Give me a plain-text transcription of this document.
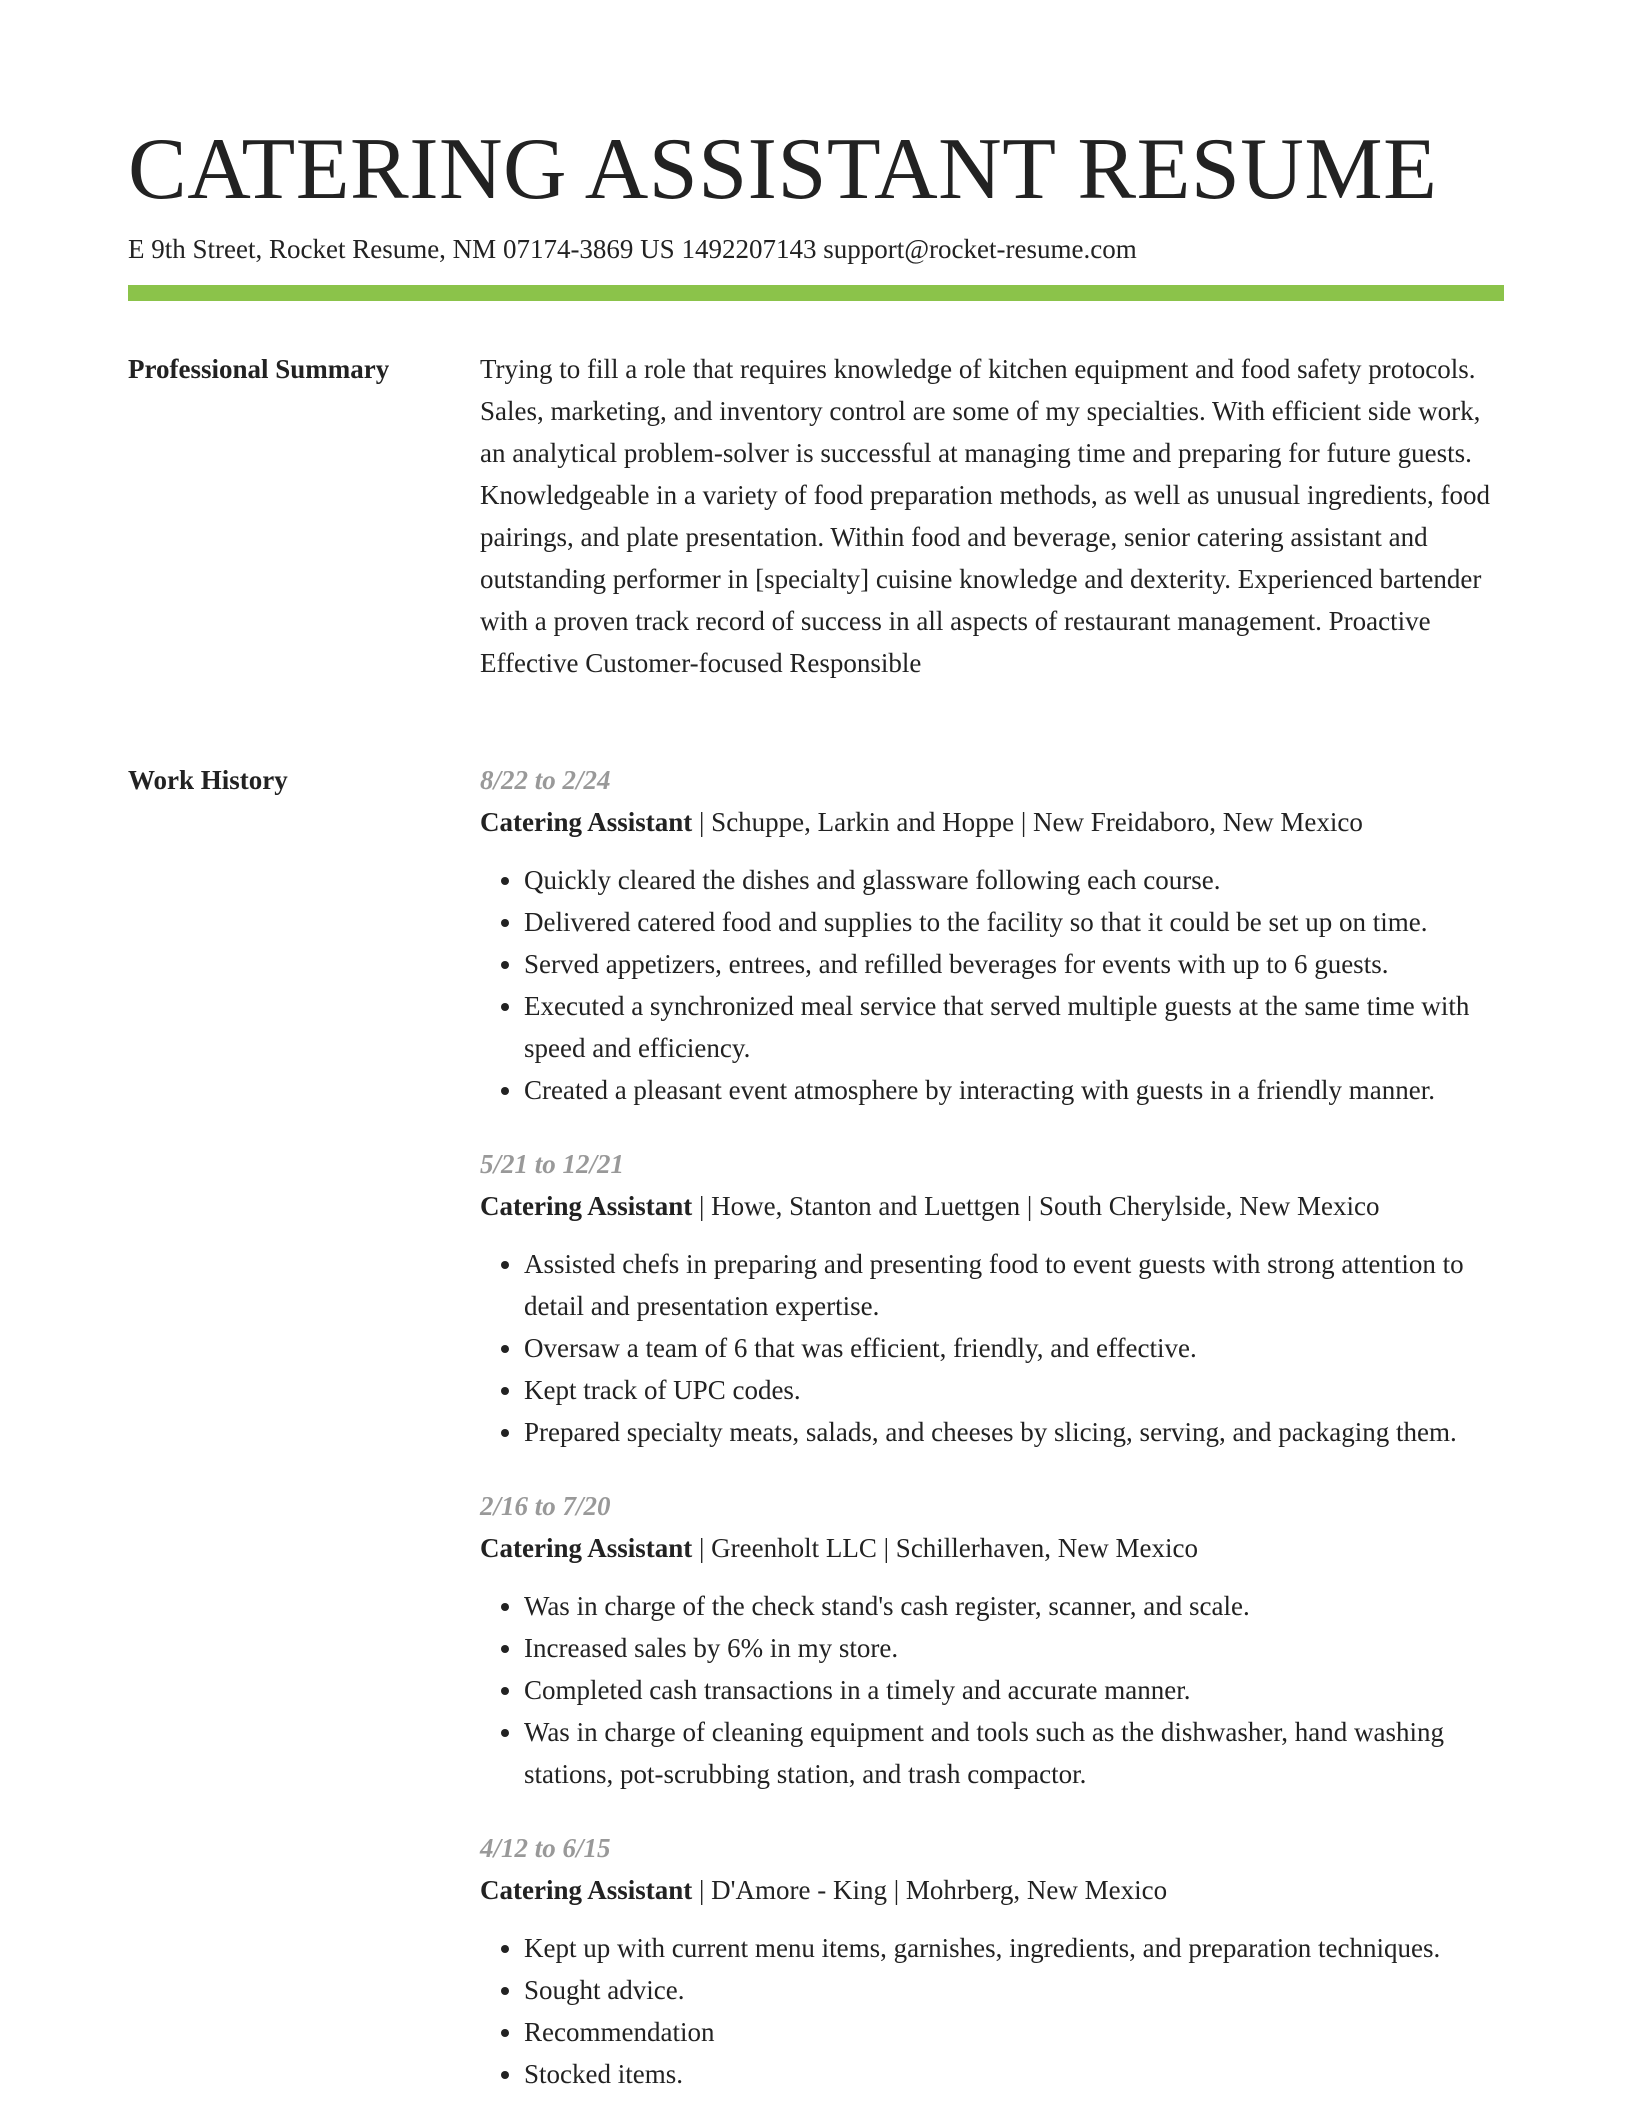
CATERING ASSISTANT RESUME
E 9th Street, Rocket Resume, NM 07174-3869 US 1492207143 support@rocket-resume.com
Professional Summary	Trying to fill a role that requires knowledge of kitchen equipment and food safety protocols. Sales, marketing, and inventory control are some of my specialties. With efficient side work, an analytical problem-solver is successful at managing time and preparing for future guests. Knowledgeable in a variety of food preparation methods, as well as unusual ingredients, food pairings, and plate presentation. Within food and beverage, senior catering assistant and outstanding performer in [specialty] cuisine knowledge and dexterity. Experienced bartender with a proven track record of success in all aspects of restaurant management. Proactive Effective Customer-focused Responsible

Work History	8/22 to 2/24
Catering Assistant | Schuppe, Larkin and Hoppe | New Freidaboro, New Mexico
• Quickly cleared the dishes and glassware following each course.
• Delivered catered food and supplies to the facility so that it could be set up on time.
• Served appetizers, entrees, and refilled beverages for events with up to 6 guests.
• Executed a synchronized meal service that served multiple guests at the same time with speed and efficiency.
• Created a pleasant event atmosphere by interacting with guests in a friendly manner.
5/21 to 12/21
Catering Assistant | Howe, Stanton and Luettgen | South Cherylside, New Mexico
• Assisted chefs in preparing and presenting food to event guests with strong attention to detail and presentation expertise.
• Oversaw a team of 6 that was efficient, friendly, and effective.
• Kept track of UPC codes.
• Prepared specialty meats, salads, and cheeses by slicing, serving, and packaging them.
2/16 to 7/20
Catering Assistant | Greenholt LLC | Schillerhaven, New Mexico
• Was in charge of the check stand's cash register, scanner, and scale.
• Increased sales by 6% in my store.
• Completed cash transactions in a timely and accurate manner.
• Was in charge of cleaning equipment and tools such as the dishwasher, hand washing stations, pot-scrubbing station, and trash compactor.
4/12 to 6/15
Catering Assistant | D'Amore - King | Mohrberg, New Mexico
• Kept up with current menu items, garnishes, ingredients, and preparation techniques.
• Sought advice.
• Recommendation
• Stocked items.
